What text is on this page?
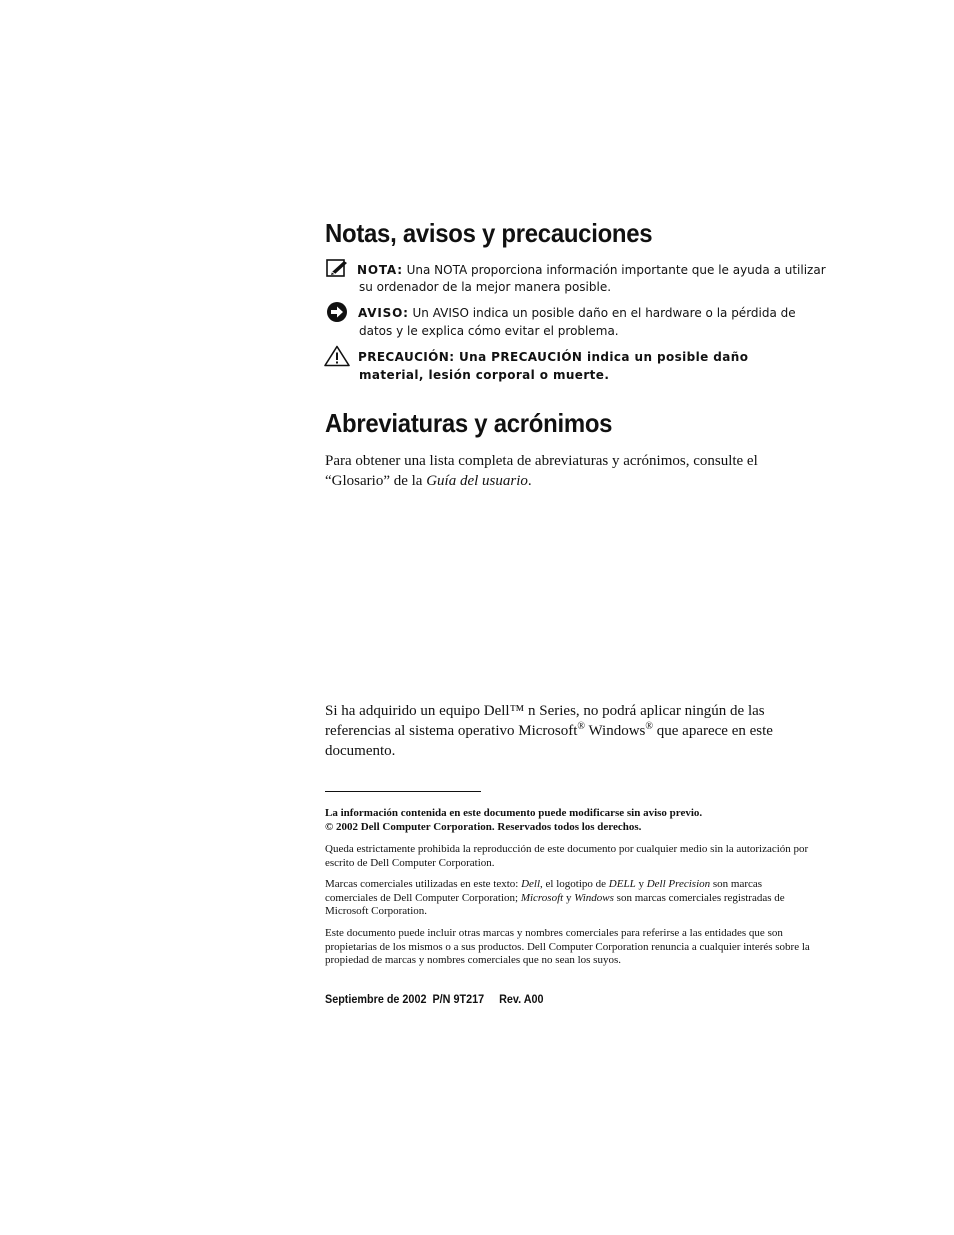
Notas, avisos y precauciones
NOTA: Una NOTA proporciona información importante que le ayuda a utilizar
su ordenador de la mejor manera posible.
AVISO: Un AVISO indica un posible daño en el hardware o la pérdida de
datos y le explica cómo evitar el problema.
PRECAUCIÓN: Una PRECAUCIÓN indica un posible daño
material, lesión corporal o muerte.
Abreviaturas y acrónimos
Para obtener una lista completa de abreviaturas y acrónimos, consulte el
“Glosario” de la Guía del usuario.
Si ha adquirido un equipo Dell™ n Series, no podrá aplicar ningún de las
referencias al sistema operativo Microsoft® Windows® que aparece en este
documento.
La información contenida en este documento puede modificarse sin aviso previo.
© 2002 Dell Computer Corporation. Reservados todos los derechos.
Queda estrictamente prohibida la reproducción de este documento por cualquier medio sin la autorización por escrito de Dell Computer Corporation.
Marcas comerciales utilizadas en este texto: Dell, el logotipo de DELL y Dell Precision son marcas comerciales de Dell Computer Corporation; Microsoft y Windows son marcas comerciales registradas de Microsoft Corporation.
Este documento puede incluir otras marcas y nombres comerciales para referirse a las entidades que son propietarias de los mismos o a sus productos. Dell Computer Corporation renuncia a cualquier interés sobre la propiedad de marcas y nombres comerciales que no sean los suyos.
Septiembre de 2002 P/N 9T217 Rev. A00
